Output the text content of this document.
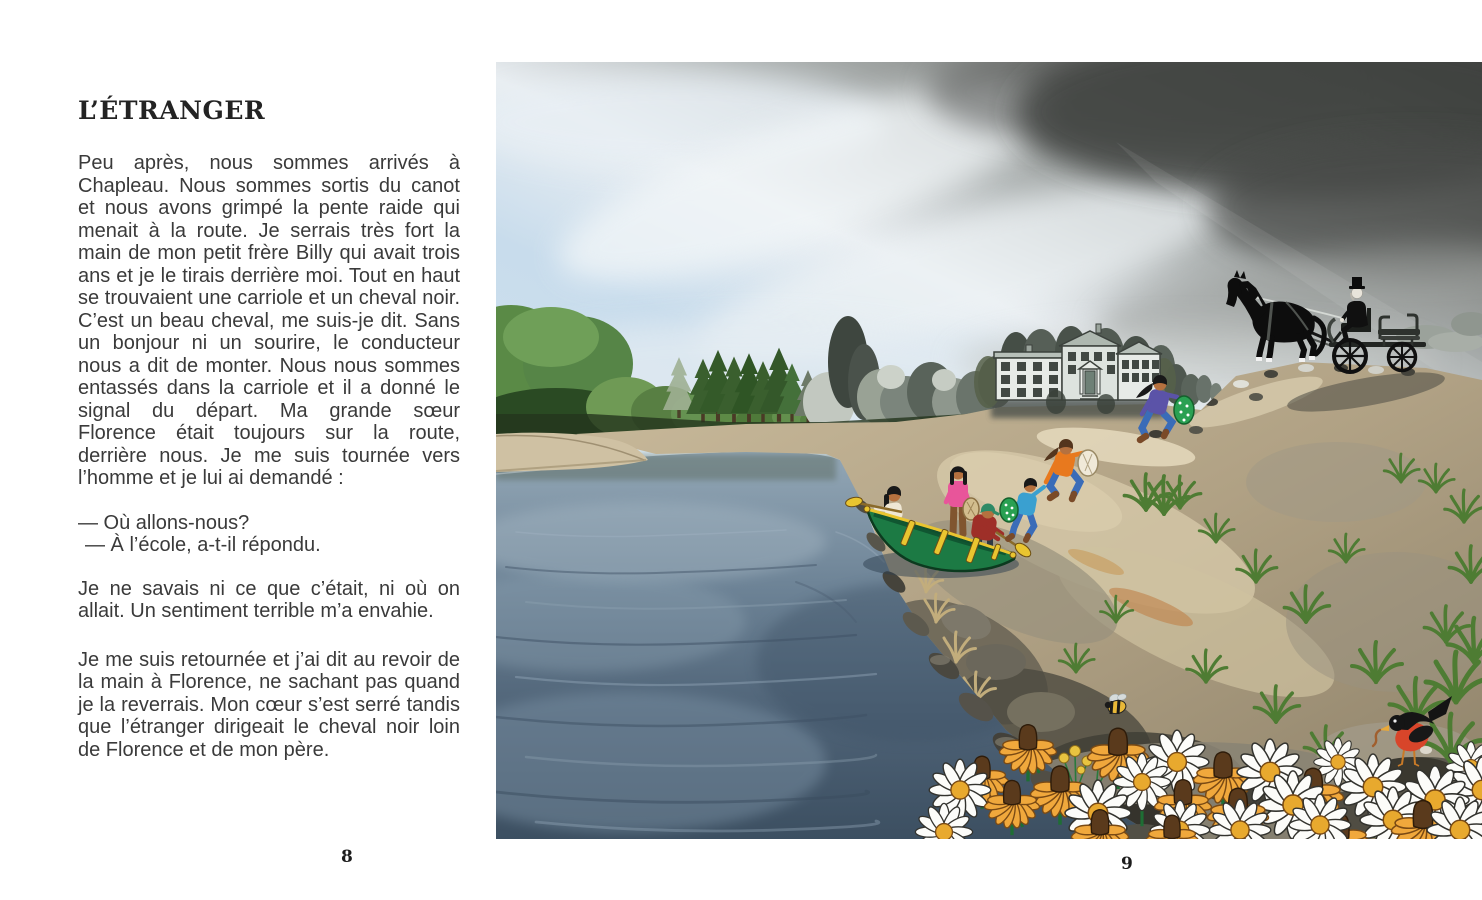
L’ÉTRANGER

Peu après, nous sommes arrivés à Chapleau. Nous sommes sortis du canot et nous avons grimpé la pente raide qui menait à la route. Je serrais très fort la main de mon petit frère Billy qui avait trois ans et je le tirais derrière moi. Tout en haut se trouvaient une carriole et un cheval noir. C’est un beau cheval, me suis-je dit. Sans un bonjour ni un sourire, le conducteur nous a dit de monter. Nous nous sommes entassés dans la carriole et il a donné le signal du départ. Ma grande sœur Florence était toujours sur la route, derrière nous. Je me suis tournée vers l’homme et je lui ai demandé :

— Où allons-nous?

— À l’école, a-t-il répondu.

Je ne savais ni ce que c’était, ni où on allait. Un sentiment terrible m’a envahie.

Je me suis retournée et j’ai dit au revoir de la main à Florence, ne sachant pas quand je la reverrais. Mon cœur s’est serré tandis que l’étranger dirigeait le cheval noir loin de Florence et de mon père.

8	9
